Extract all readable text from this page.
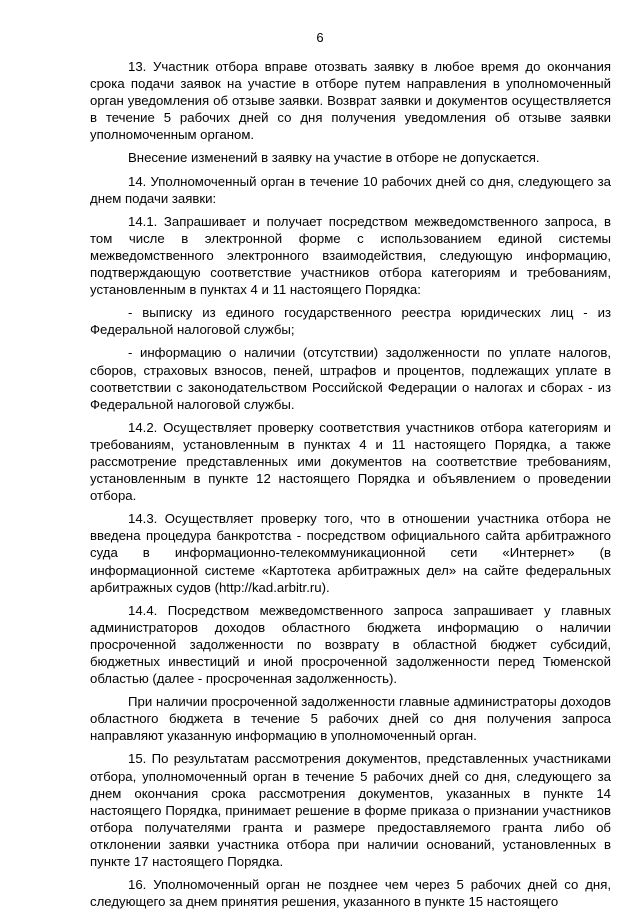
6

13. Участник отбора вправе отозвать заявку в любое время до окончания срока подачи заявок на участие в отборе путем направления в уполномоченный орган уведомления об отзыве заявки. Возврат заявки и документов осуществляется в течение 5 рабочих дней со дня получения уведомления об отзыве заявки уполномоченным органом.

Внесение изменений в заявку на участие в отборе не допускается.

14. Уполномоченный орган в течение 10 рабочих дней со дня, следующего за днем подачи заявки:

14.1. Запрашивает и получает посредством межведомственного запроса, в том числе в электронной форме с использованием единой системы межведомственного электронного взаимодействия, следующую информацию, подтверждающую соответствие участников отбора категориям и требованиям, установленным в пунктах 4 и 11 настоящего Порядка:

- выписку из единого государственного реестра юридических лиц - из Федеральной налоговой службы;

- информацию о наличии (отсутствии) задолженности по уплате налогов, сборов, страховых взносов, пеней, штрафов и процентов, подлежащих уплате в соответствии с законодательством Российской Федерации о налогах и сборах - из Федеральной налоговой службы.

14.2. Осуществляет проверку соответствия участников отбора категориям и требованиям, установленным в пунктах 4 и 11 настоящего Порядка, а также рассмотрение представленных ими документов на соответствие требованиям, установленным в пункте 12 настоящего Порядка и объявлением о проведении отбора.

14.3. Осуществляет проверку того, что в отношении участника отбора не введена процедура банкротства - посредством официального сайта арбитражного суда в информационно-телекоммуникационной сети «Интернет» (в информационной системе «Картотека арбитражных дел» на сайте федеральных арбитражных судов (http://kad.arbitr.ru).

14.4. Посредством межведомственного запроса запрашивает у главных администраторов доходов областного бюджета информацию о наличии просроченной задолженности по возврату в областной бюджет субсидий, бюджетных инвестиций и иной просроченной задолженности перед Тюменской областью (далее - просроченная задолженность).

При наличии просроченной задолженности главные администраторы доходов областного бюджета в течение 5 рабочих дней со дня получения запроса направляют указанную информацию в уполномоченный орган.

15. По результатам рассмотрения документов, представленных участниками отбора, уполномоченный орган в течение 5 рабочих дней со дня, следующего за днем окончания срока рассмотрения документов, указанных в пункте 14 настоящего Порядка, принимает решение в форме приказа о признании участников отбора получателями гранта и размере предоставляемого гранта либо об отклонении заявки участника отбора при наличии оснований, установленных в пункте 17 настоящего Порядка.

16. Уполномоченный орган не позднее чем через 5 рабочих дней со дня, следующего за днем принятия решения, указанного в пункте 15 настоящего
